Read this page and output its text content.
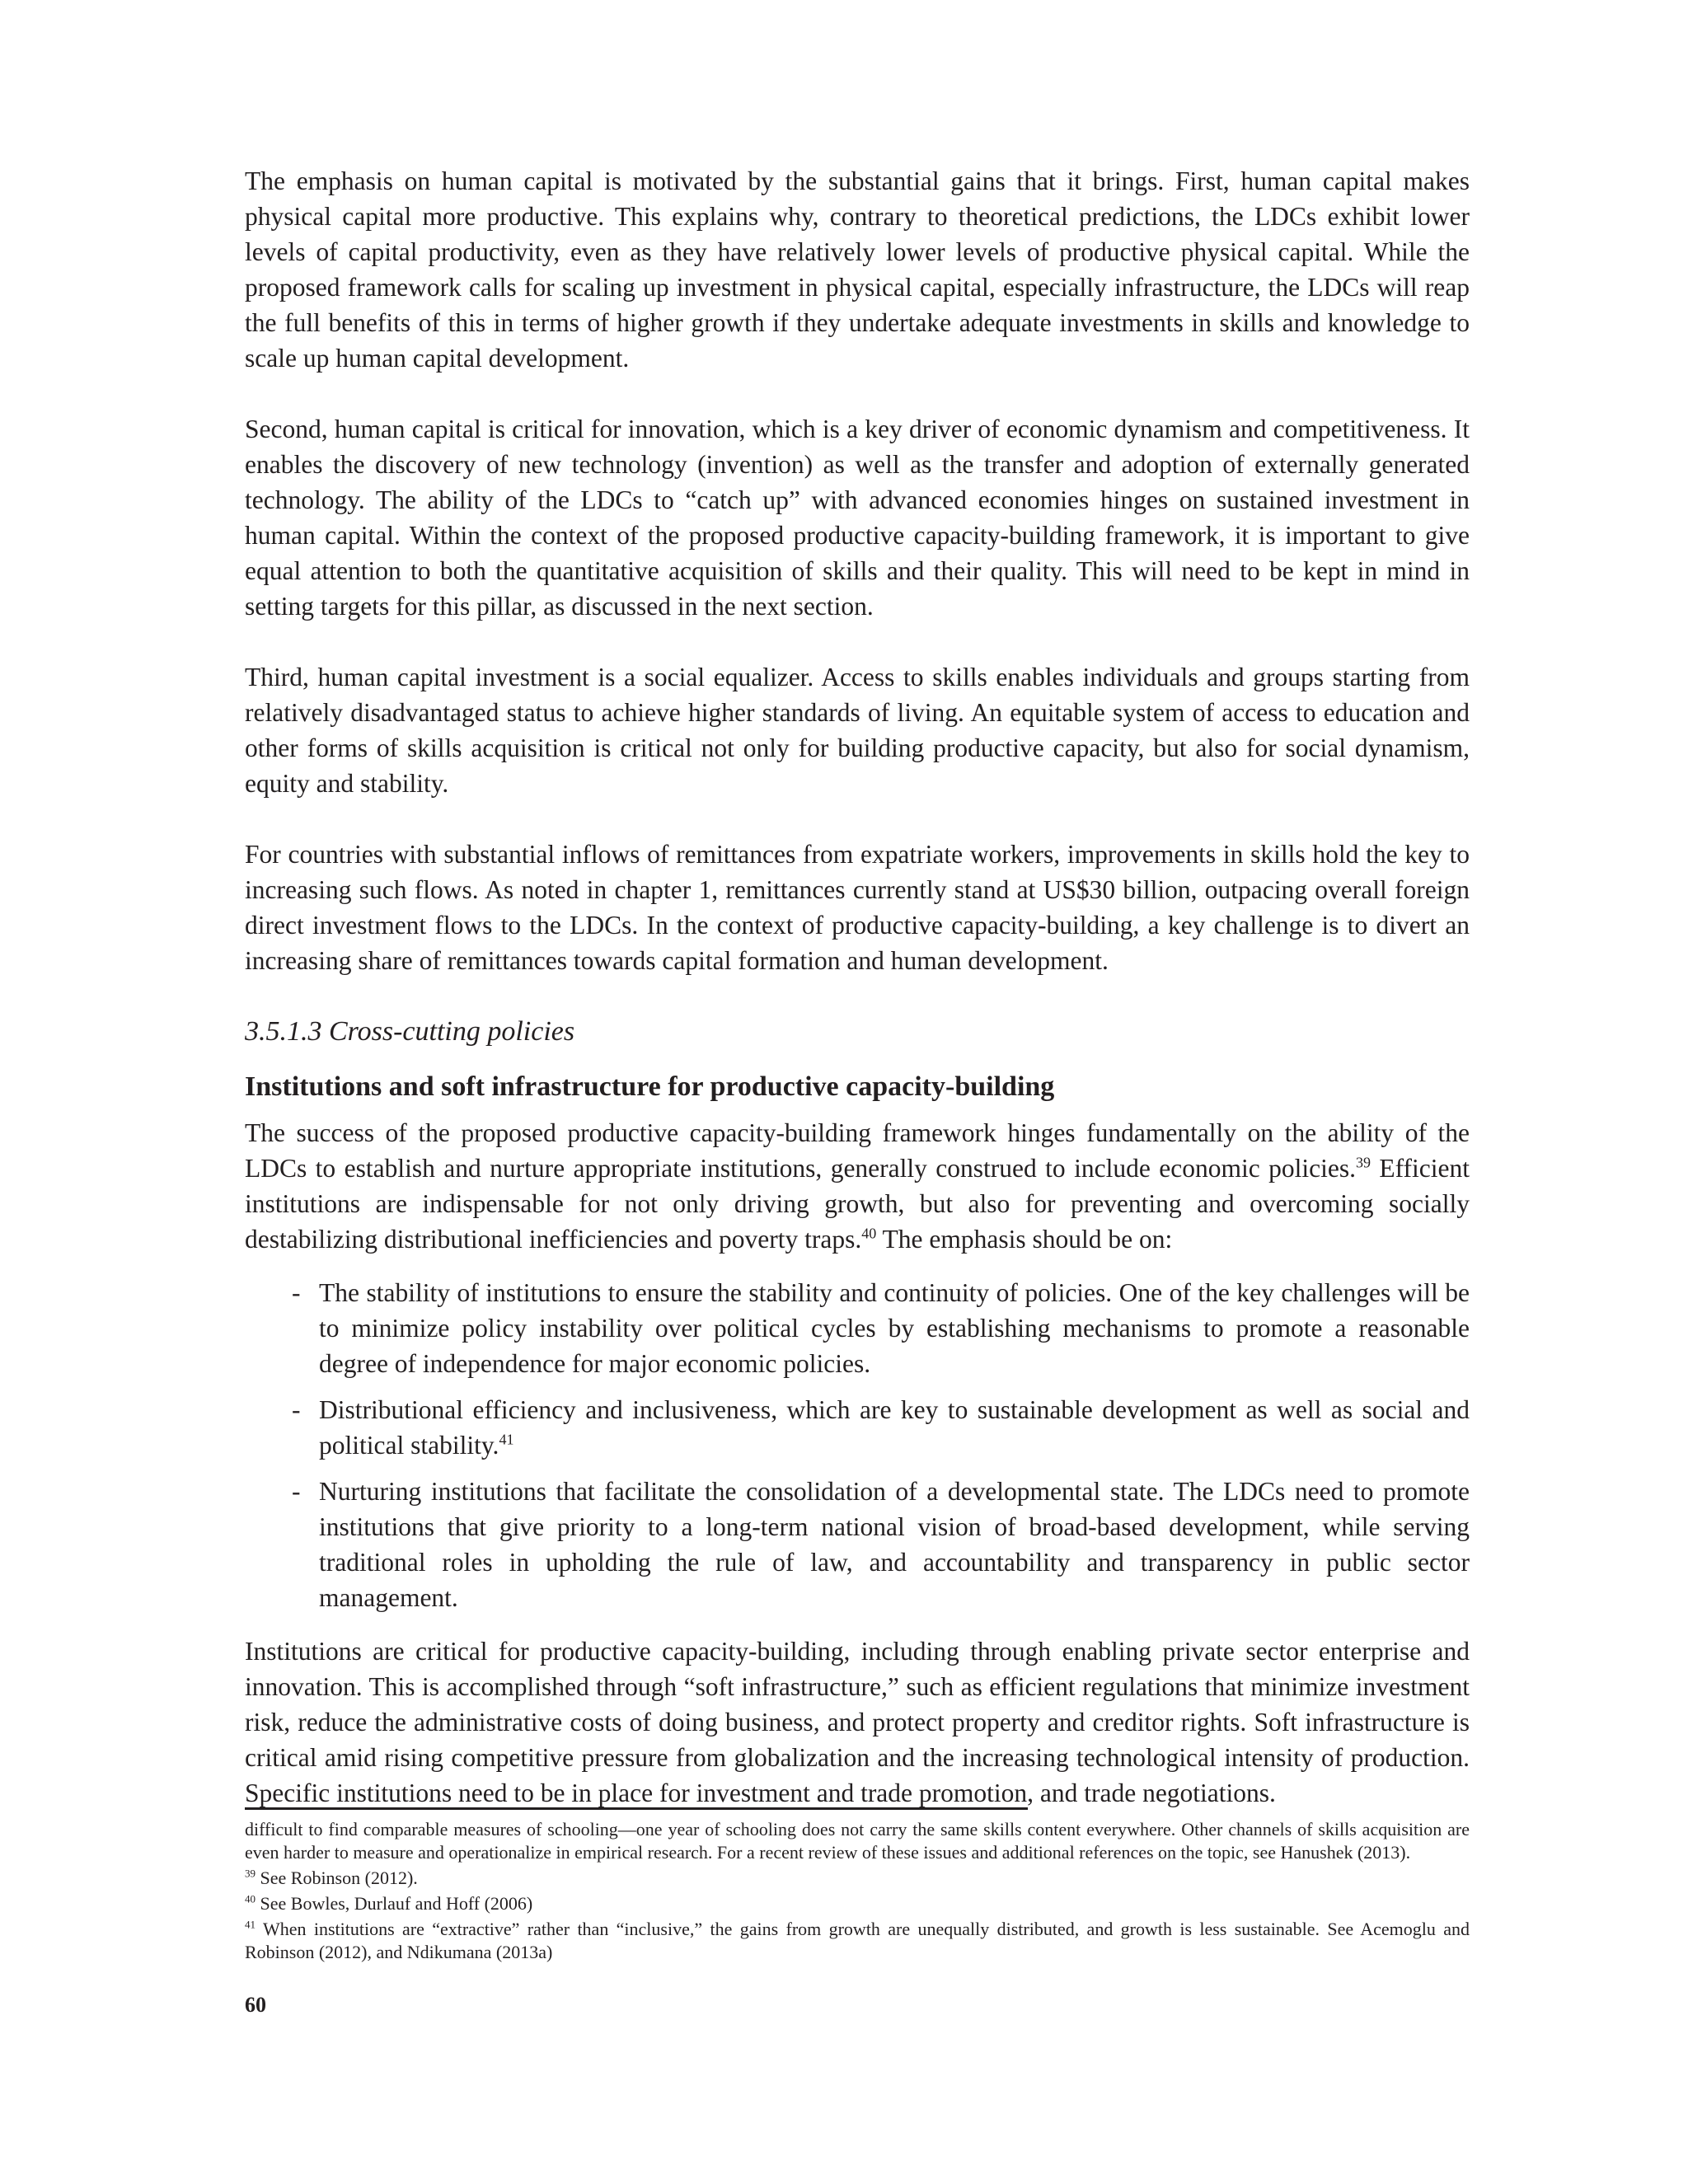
The emphasis on human capital is motivated by the substantial gains that it brings. First, human capital makes physical capital more productive. This explains why, contrary to theoretical predictions, the LDCs exhibit lower levels of capital productivity, even as they have relatively lower levels of productive physical capital. While the proposed framework calls for scaling up investment in physical capital, especially infrastructure, the LDCs will reap the full benefits of this in terms of higher growth if they undertake adequate investments in skills and knowledge to scale up human capital development.

Second, human capital is critical for innovation, which is a key driver of economic dynamism and competitiveness. It enables the discovery of new technology (invention) as well as the transfer and adoption of externally generated technology. The ability of the LDCs to “catch up” with advanced economies hinges on sustained investment in human capital. Within the context of the proposed productive capacity-building framework, it is important to give equal attention to both the quantitative acquisition of skills and their quality. This will need to be kept in mind in setting targets for this pillar, as discussed in the next section.

Third, human capital investment is a social equalizer. Access to skills enables individuals and groups starting from relatively disadvantaged status to achieve higher standards of living. An equitable system of access to education and other forms of skills acquisition is critical not only for building productive capacity, but also for social dynamism, equity and stability.

For countries with substantial inflows of remittances from expatriate workers, improvements in skills hold the key to increasing such flows. As noted in chapter 1, remittances currently stand at US$30 billion, outpacing overall foreign direct investment flows to the LDCs. In the context of productive capacity-building, a key challenge is to divert an increasing share of remittances towards capital formation and human development.

3.5.1.3 Cross-cutting policies
Institutions and soft infrastructure for productive capacity-building

The success of the proposed productive capacity-building framework hinges fundamentally on the ability of the LDCs to establish and nurture appropriate institutions, generally construed to include economic policies.$^{39}$ Efficient institutions are indispensable for not only driving growth, but also for preventing and overcoming socially destabilizing distributional inefficiencies and poverty traps.$^{40}$ The emphasis should be on:

- The stability of institutions to ensure the stability and continuity of policies. One of the key challenges will be to minimize policy instability over political cycles by establishing mechanisms to promote a reasonable degree of independence for major economic policies.
- Distributional efficiency and inclusiveness, which are key to sustainable development as well as social and political stability.$^{41}$
- Nurturing institutions that facilitate the consolidation of a developmental state. The LDCs need to promote institutions that give priority to a long-term national vision of broad-based development, while serving traditional roles in upholding the rule of law, and accountability and transparency in public sector management.

Institutions are critical for productive capacity-building, including through enabling private sector enterprise and innovation. This is accomplished through “soft infrastructure,” such as efficient regulations that minimize investment risk, reduce the administrative costs of doing business, and protect property and creditor rights. Soft infrastructure is critical amid rising competitive pressure from globalization and the increasing technological intensity of production. Specific institutions need to be in place for investment and trade promotion, and trade negotiations.

difficult to find comparable measures of schooling—one year of schooling does not carry the same skills content everywhere. Other channels of skills acquisition are even harder to measure and operationalize in empirical research. For a recent review of these issues and additional references on the topic, see Hanushek (2013).
$^{39}$ See Robinson (2012).
$^{40}$ See Bowles, Durlauf and Hoff (2006)
$^{41}$ When institutions are “extractive” rather than “inclusive,” the gains from growth are unequally distributed, and growth is less sustainable. See Acemoglu and Robinson (2012), and Ndikumana (2013a)
60
